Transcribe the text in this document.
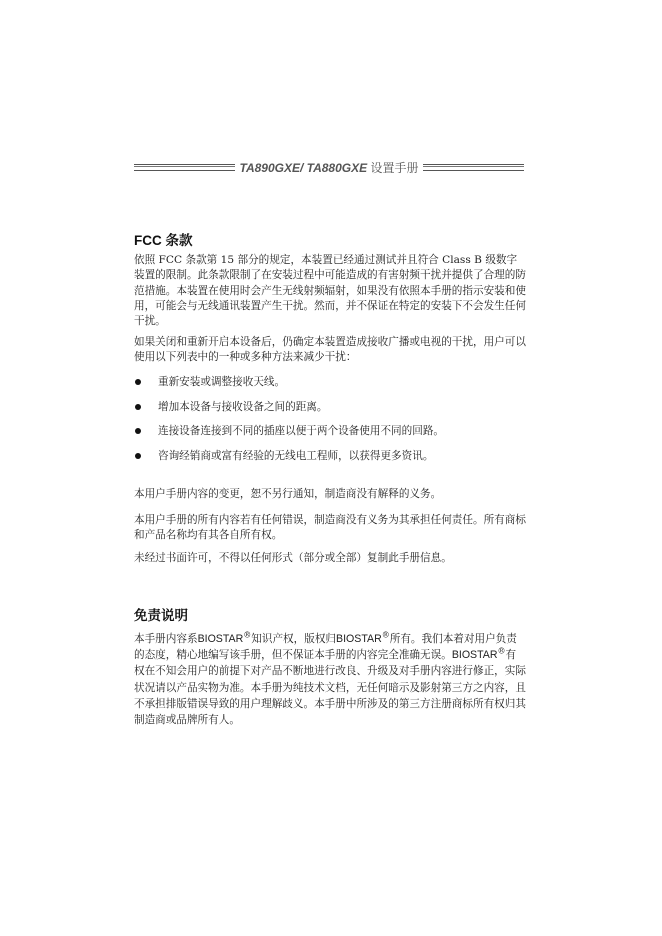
TA890GXE/ TA880GXE 设置手册
FCC 条款

依照 FCC 条款第 15 部分的规定，本装置已经通过测试并且符合 Class B 级数字装置的限制。此条款限制了在安装过程中可能造成的有害射频干扰并提供了合理的防范措施。本装置在使用时会产生无线射频辐射，如果没有依照本手册的指示安装和使用，可能会与无线通讯装置产生干扰。然而，并不保证在特定的安装下不会发生任何干扰。

如果关闭和重新开启本设备后，仍确定本装置造成接收广播或电视的干扰，用户可以使用以下列表中的一种或多种方法来减少干扰：

重新安装或调整接收天线。
增加本设备与接收设备之间的距离。
连接设备连接到不同的插座以便于两个设备使用不同的回路。
咨询经销商或富有经验的无线电工程师，以获得更多资讯。

本用户手册内容的变更，恕不另行通知，制造商没有解释的义务。

本用户手册的所有内容若有任何错误，制造商没有义务为其承担任何责任。所有商标和产品名称均有其各自所有权。

未经过书面许可，不得以任何形式（部分或全部）复制此手册信息。

免责说明

本手册内容系BIOSTAR®知识产权，版权归BIOSTAR®所有。我们本着对用户负责的态度，精心地编写该手册，但不保证本手册的内容完全准确无误。BIOSTAR®有权在不知会用户的前提下对产品不断地进行改良、升级及对手册内容进行修正，实际状况请以产品实物为准。本手册为纯技术文档，无任何暗示及影射第三方之内容，且不承担排版错误导致的用户理解歧义。本手册中所涉及的第三方注册商标所有权归其制造商或品牌所有人。
